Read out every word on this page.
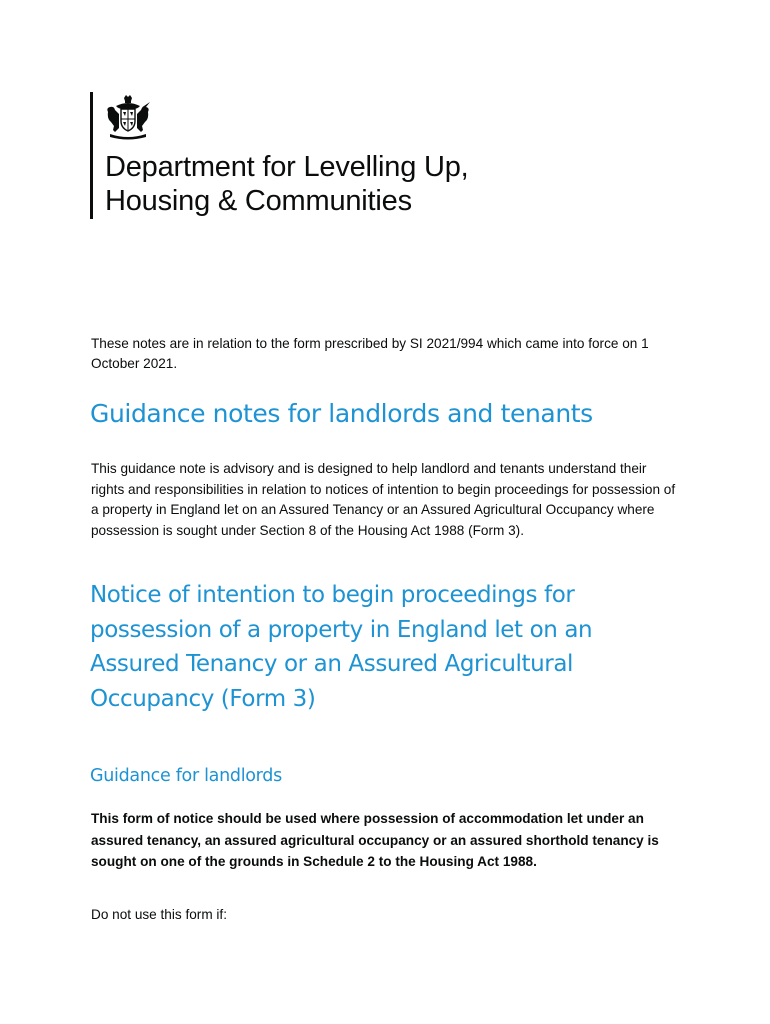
Department for Levelling Up,
Housing & Communities

These notes are in relation to the form prescribed by SI 2021/994 which came into force on 1 October 2021.

Guidance notes for landlords and tenants

This guidance note is advisory and is designed to help landlord and tenants understand their rights and responsibilities in relation to notices of intention to begin proceedings for possession of a property in England let on an Assured Tenancy or an Assured Agricultural Occupancy where possession is sought under Section 8 of the Housing Act 1988 (Form 3).

Notice of intention to begin proceedings for possession of a property in England let on an Assured Tenancy or an Assured Agricultural Occupancy (Form 3)
Guidance for landlords

This form of notice should be used where possession of accommodation let under an assured tenancy, an assured agricultural occupancy or an assured shorthold tenancy is sought on one of the grounds in Schedule 2 to the Housing Act 1988.

Do not use this form if:
